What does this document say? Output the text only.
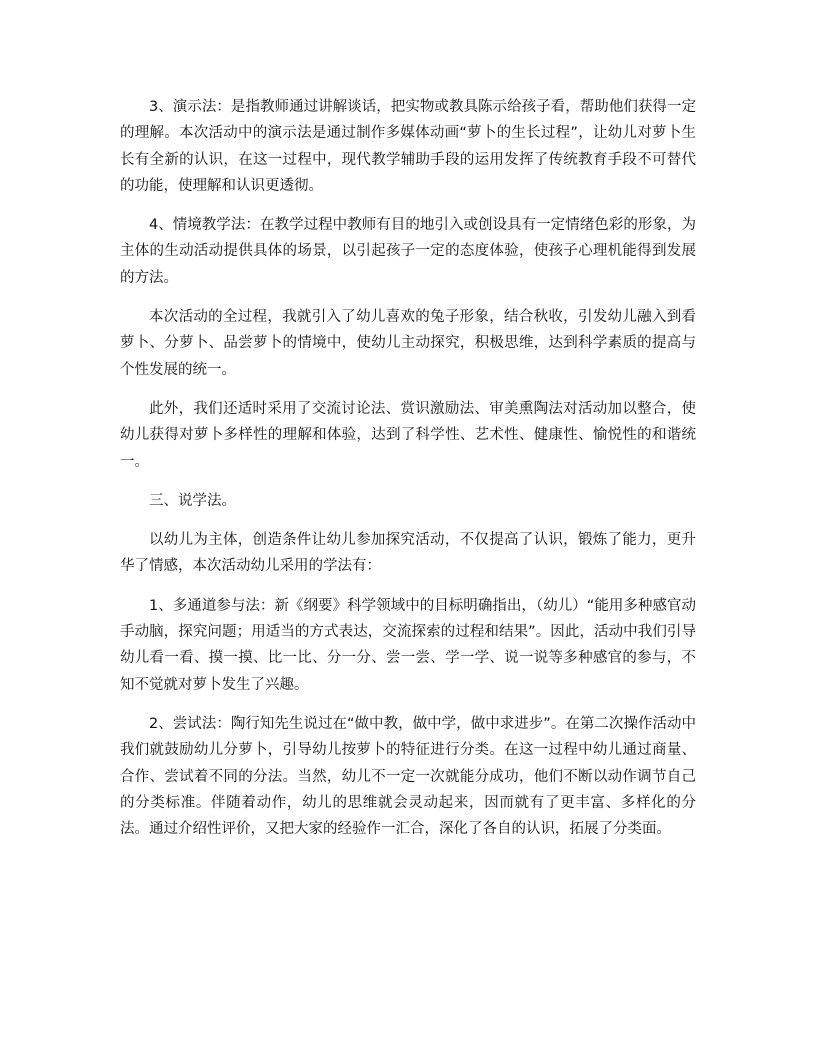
3、演示法：是指教师通过讲解谈话，把实物或教具陈示给孩子看，帮助他们获得一定的理解。本次活动中的演示法是通过制作多媒体动画“萝卜的生长过程”，让幼儿对萝卜生长有全新的认识，在这一过程中，现代教学辅助手段的运用发挥了传统教育手段不可替代的功能，使理解和认识更透彻。

4、情境教学法：在教学过程中教师有目的地引入或创设具有一定情绪色彩的形象，为主体的生动活动提供具体的场景，以引起孩子一定的态度体验，使孩子心理机能得到发展的方法。

本次活动的全过程，我就引入了幼儿喜欢的兔子形象，结合秋收，引发幼儿融入到看萝卜、分萝卜、品尝萝卜的情境中，使幼儿主动探究，积极思维，达到科学素质的提高与个性发展的统一。

此外，我们还适时采用了交流讨论法、赏识激励法、审美熏陶法对活动加以整合，使幼儿获得对萝卜多样性的理解和体验，达到了科学性、艺术性、健康性、愉悦性的和谐统一。

三、说学法。

以幼儿为主体，创造条件让幼儿参加探究活动，不仅提高了认识，锻炼了能力，更升华了情感，本次活动幼儿采用的学法有：

1、多通道参与法：新《纲要》科学领域中的目标明确指出，（幼儿）“能用多种感官动手动脑，探究问题；用适当的方式表达，交流探索的过程和结果”。因此，活动中我们引导幼儿看一看、摸一摸、比一比、分一分、尝一尝、学一学、说一说等多种感官的参与，不知不觉就对萝卜发生了兴趣。

2、尝试法：陶行知先生说过在“做中教，做中学，做中求进步”。在第二次操作活动中我们就鼓励幼儿分萝卜，引导幼儿按萝卜的特征进行分类。在这一过程中幼儿通过商量、合作、尝试着不同的分法。当然，幼儿不一定一次就能分成功，他们不断以动作调节自己的分类标准。伴随着动作，幼儿的思维就会灵动起来，因而就有了更丰富、多样化的分法。通过介绍性评价，又把大家的经验作一汇合，深化了各自的认识，拓展了分类面。
